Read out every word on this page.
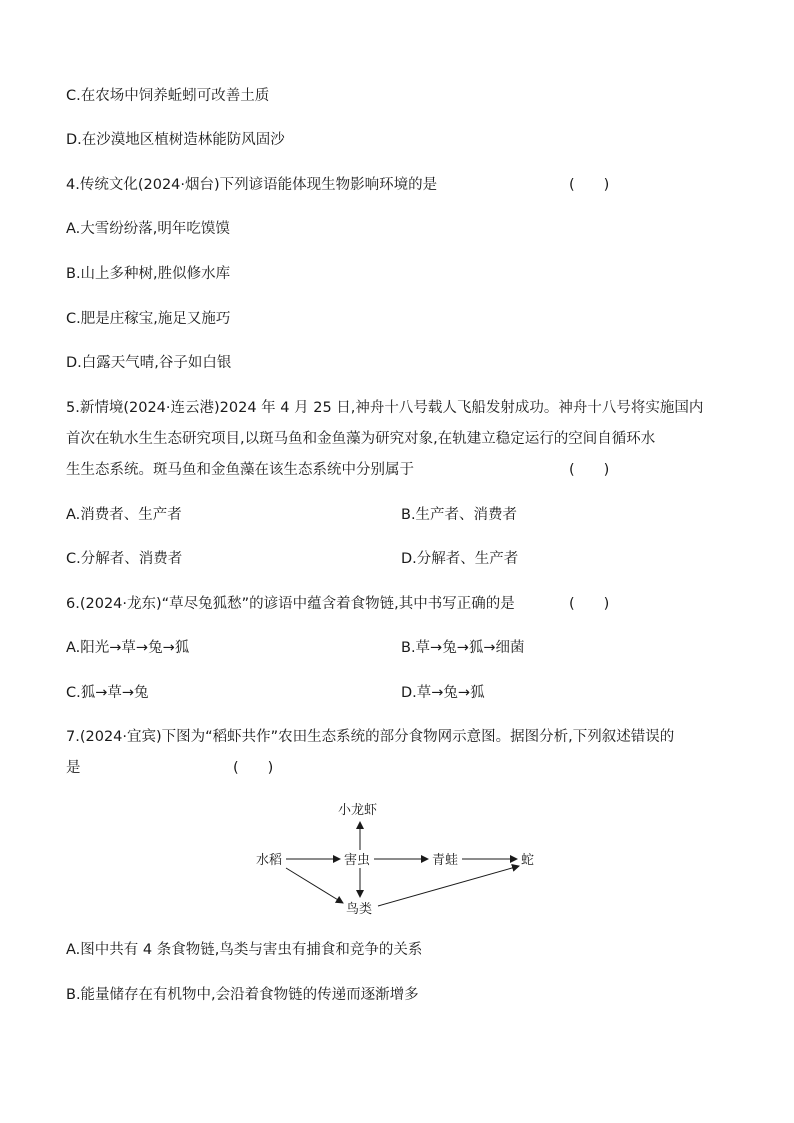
C.在农场中饲养蚯蚓可改善土质
D.在沙漠地区植树造林能防风固沙
4.传统文化(2024·烟台)下列谚语能体现生物影响环境的是	(　　)
A.大雪纷纷落,明年吃馍馍
B.山上多种树,胜似修水库
C.肥是庄稼宝,施足又施巧
D.白露天气晴,谷子如白银
5.新情境(2024·连云港)2024 年 4 月 25 日,神舟十八号载人飞船发射成功。神舟十八号将实施国内
首次在轨水生生态研究项目,以斑马鱼和金鱼藻为研究对象,在轨建立稳定运行的空间自循环水
生生态系统。斑马鱼和金鱼藻在该生态系统中分别属于	(　　)
A.消费者、生产者	B.生产者、消费者
C.分解者、消费者	D.分解者、生产者
6.(2024·龙东)“草尽兔狐愁”的谚语中蕴含着食物链,其中书写正确的是	(　　)
A.阳光→草→兔→狐	B.草→兔→狐→细菌
C.狐→草→兔	D.草→兔→狐
7.(2024·宜宾)下图为“稻虾共作”农田生态系统的部分食物网示意图。据图分析,下列叙述错误的
是	(　　)
小龙虾
水稻	害虫	青蛙	蛇
鸟类
A.图中共有 4 条食物链,鸟类与害虫有捕食和竞争的关系
B.能量储存在有机物中,会沿着食物链的传递而逐渐增多
